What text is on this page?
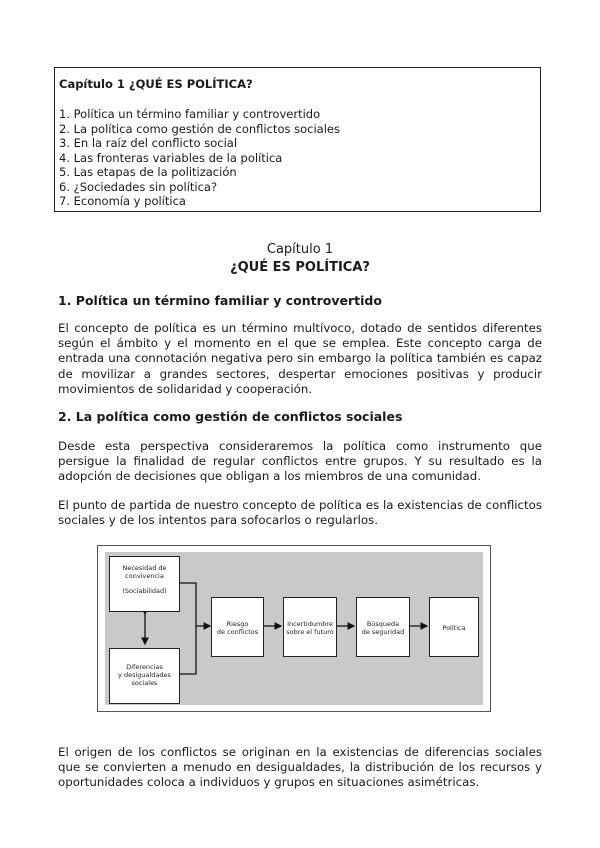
Capítulo 1 ¿QUÉ ES POLÍTICA?
1. Política un término familiar y controvertido
2. La política como gestión de conflictos sociales
3. En la raíz del conflicto social
4. Las fronteras variables de la política
5. Las etapas de la politización
6. ¿Sociedades sin política?
7. Economía y política
Capítulo 1
¿QUÉ ES POLÍTICA?
1. Política un término familiar y controvertido

El concepto de política es un término multívoco, dotado de sentidos diferentes según el ámbito y el momento en el que se emplea. Este concepto carga de entrada una connotación negativa pero sin embargo la política también es capaz de movilizar a grandes sectores, despertar emociones positivas y producir movimientos de solidaridad y cooperación.

2. La política como gestión de conflictos sociales

Desde esta perspectiva consideraremos la política como instrumento que persigue la finalidad de regular conflictos entre grupos. Y su resultado es la adopción de decisiones que obligan a los miembros de una comunidad.

El punto de partida de nuestro concepto de política es la existencias de conflictos sociales y de los intentos para sofocarlos o regularlos.

Necesidad de
convivencia
(Sociabilidad)
Diferencias
y desigualdades
sociales
Riesgo
de conflictos
Incertidumbre
sobre el futuro
Búsqueda
de seguridad	Política

El origen de los conflictos se originan en la existencias de diferencias sociales que se convierten a menudo en desigualdades, la distribución de los recursos y oportunidades coloca a individuos y grupos en situaciones asimétricas.
